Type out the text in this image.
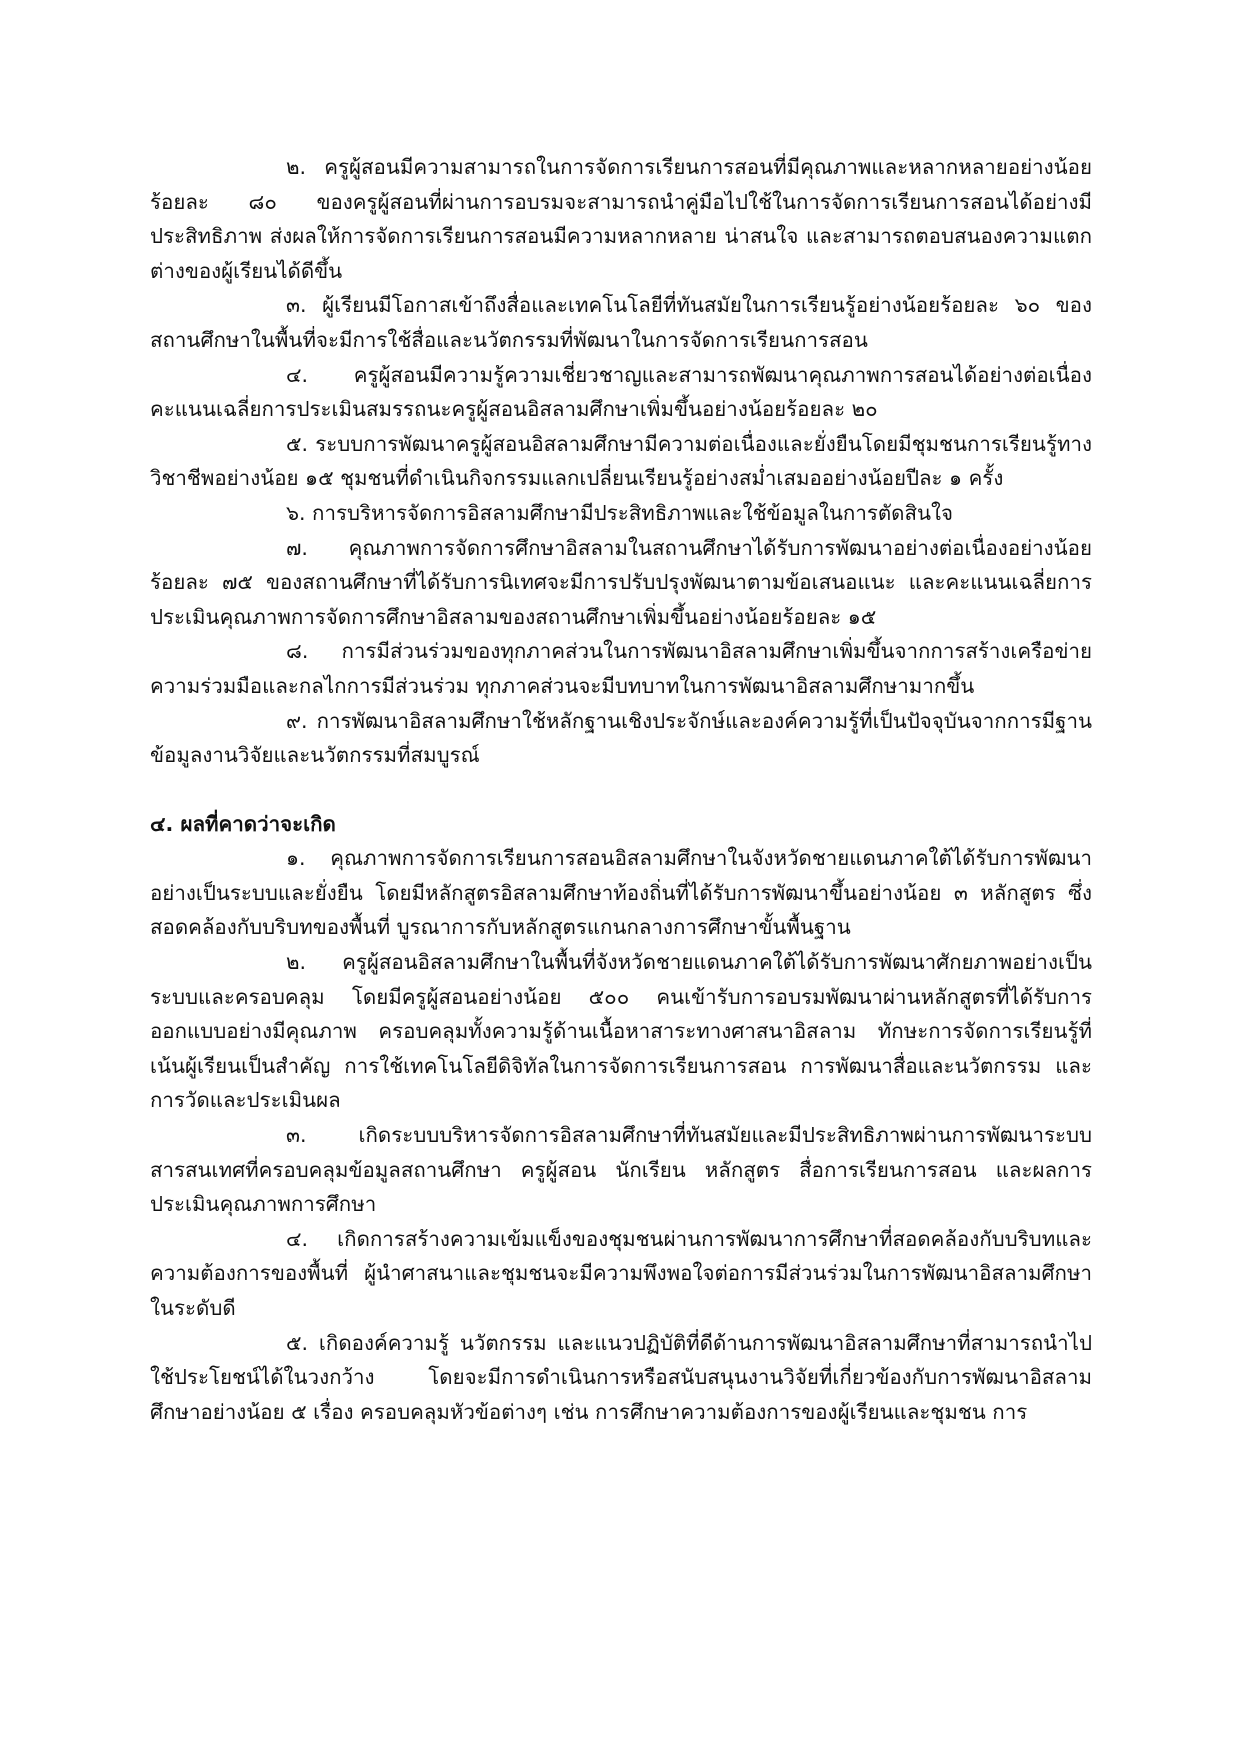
๒. ครูผู้สอนมีความสามารถในการจัดการเรียนการสอนที่มีคุณภาพและหลากหลายอย่างน้อยร้อยละ ๘๐ ของครูผู้สอนที่ผ่านการอบรมจะสามารถนำคู่มือไปใช้ในการจัดการเรียนการสอนได้อย่างมีประสิทธิภาพ ส่งผลให้การจัดการเรียนการสอนมีความหลากหลาย น่าสนใจ และสามารถตอบสนองความแตกต่างของผู้เรียนได้ดีขึ้น

๓. ผู้เรียนมีโอกาสเข้าถึงสื่อและเทคโนโลยีที่ทันสมัยในการเรียนรู้อย่างน้อยร้อยละ ๖๐ ของสถานศึกษาในพื้นที่จะมีการใช้สื่อและนวัตกรรมที่พัฒนาในการจัดการเรียนการสอน

๔. ครูผู้สอนมีความรู้ความเชี่ยวชาญและสามารถพัฒนาคุณภาพการสอนได้อย่างต่อเนื่อง คะแนนเฉลี่ยการประเมินสมรรถนะครูผู้สอนอิสลามศึกษาเพิ่มขึ้นอย่างน้อยร้อยละ ๒๐

๕. ระบบการพัฒนาครูผู้สอนอิสลามศึกษามีความต่อเนื่องและยั่งยืนโดยมีชุมชนการเรียนรู้ทางวิชาชีพอย่างน้อย ๑๕ ชุมชนที่ดำเนินกิจกรรมแลกเปลี่ยนเรียนรู้อย่างสม่ำเสมออย่างน้อยปีละ ๑ ครั้ง

๖. การบริหารจัดการอิสลามศึกษามีประสิทธิภาพและใช้ข้อมูลในการตัดสินใจ

๗. คุณภาพการจัดการศึกษาอิสลามในสถานศึกษาได้รับการพัฒนาอย่างต่อเนื่องอย่างน้อยร้อยละ ๗๕ ของสถานศึกษาที่ได้รับการนิเทศจะมีการปรับปรุงพัฒนาตามข้อเสนอแนะ และคะแนนเฉลี่ยการประเมินคุณภาพการจัดการศึกษาอิสลามของสถานศึกษาเพิ่มขึ้นอย่างน้อยร้อยละ ๑๕

๘. การมีส่วนร่วมของทุกภาคส่วนในการพัฒนาอิสลามศึกษาเพิ่มขึ้นจากการสร้างเครือข่ายความร่วมมือและกลไกการมีส่วนร่วม ทุกภาคส่วนจะมีบทบาทในการพัฒนาอิสลามศึกษามากขึ้น

๙. การพัฒนาอิสลามศึกษาใช้หลักฐานเชิงประจักษ์และองค์ความรู้ที่เป็นปัจจุบันจากการมีฐานข้อมูลงานวิจัยและนวัตกรรมที่สมบูรณ์

๔. ผลที่คาดว่าจะเกิด

๑. คุณภาพการจัดการเรียนการสอนอิสลามศึกษาในจังหวัดชายแดนภาคใต้ได้รับการพัฒนาอย่างเป็นระบบและยั่งยืน โดยมีหลักสูตรอิสลามศึกษาท้องถิ่นที่ได้รับการพัฒนาขึ้นอย่างน้อย ๓ หลักสูตร ซึ่งสอดคล้องกับบริบทของพื้นที่ บูรณาการกับหลักสูตรแกนกลางการศึกษาขั้นพื้นฐาน

๒. ครูผู้สอนอิสลามศึกษาในพื้นที่จังหวัดชายแดนภาคใต้ได้รับการพัฒนาศักยภาพอย่างเป็นระบบและครอบคลุม โดยมีครูผู้สอนอย่างน้อย ๕๐๐ คนเข้ารับการอบรมพัฒนาผ่านหลักสูตรที่ได้รับการออกแบบอย่างมีคุณภาพ ครอบคลุมทั้งความรู้ด้านเนื้อหาสาระทางศาสนาอิสลาม ทักษะการจัดการเรียนรู้ที่เน้นผู้เรียนเป็นสำคัญ การใช้เทคโนโลยีดิจิทัลในการจัดการเรียนการสอน การพัฒนาสื่อและนวัตกรรม และการวัดและประเมินผล

๓. เกิดระบบบริหารจัดการอิสลามศึกษาที่ทันสมัยและมีประสิทธิภาพผ่านการพัฒนาระบบสารสนเทศที่ครอบคลุมข้อมูลสถานศึกษา ครูผู้สอน นักเรียน หลักสูตร สื่อการเรียนการสอน และผลการประเมินคุณภาพการศึกษา

๔. เกิดการสร้างความเข้มแข็งของชุมชนผ่านการพัฒนาการศึกษาที่สอดคล้องกับบริบทและความต้องการของพื้นที่ ผู้นำศาสนาและชุมชนจะมีความพึงพอใจต่อการมีส่วนร่วมในการพัฒนาอิสลามศึกษาในระดับดี

๕. เกิดองค์ความรู้ นวัตกรรม และแนวปฏิบัติที่ดีด้านการพัฒนาอิสลามศึกษาที่สามารถนำไปใช้ประโยชน์ได้ในวงกว้าง โดยจะมีการดำเนินการหรือสนับสนุนงานวิจัยที่เกี่ยวข้องกับการพัฒนาอิสลามศึกษาอย่างน้อย ๕ เรื่อง ครอบคลุมหัวข้อต่างๆ เช่น การศึกษาความต้องการของผู้เรียนและชุมชน การ
